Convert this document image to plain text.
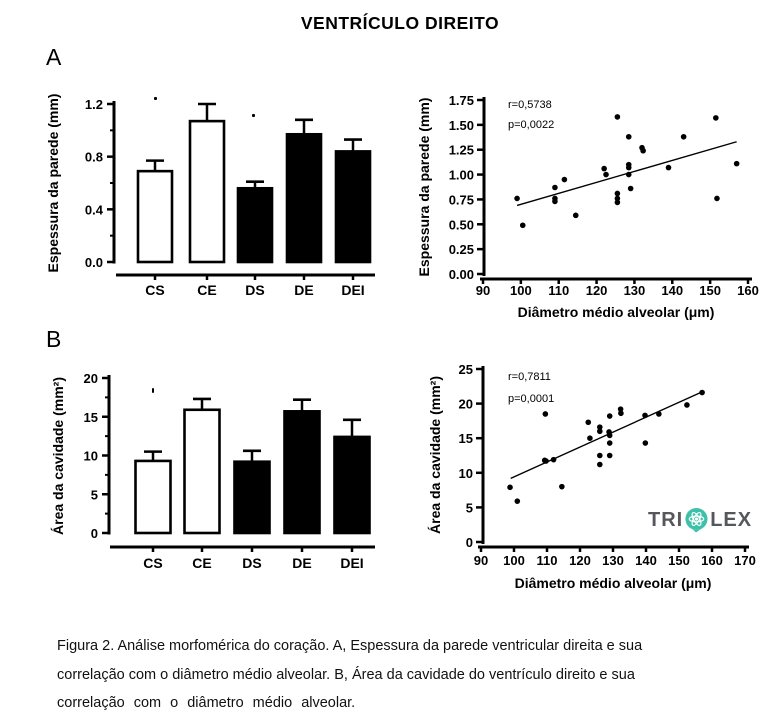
VENTRÍCULO DIREITO
A
B
0.0
0.4
0.8
1.2
CS CE DS DE DEI
Espessura da parede (mm)
0.00
0.25
0.50
0.75
1.00
1.25
1.50
1.75
90 100 110 120 130 140 150 160
r=0,5738
p=0,0022
Diâmetro médio alveolar (μm)
Espessura da parede (mm)
0
5
10
15
20
CS CE DS DE DEI
Área da cavidade (mm²)
0
5
10
15
20
25
90 100 110 120 130 140 150 160 170
r=0,7811
p=0,0001
Diâmetro médio alveolar (μm)
Área da cavidade (mm²)	TRI LEX
Figura 2. Análise morfomérica do coração. A, Espessura da parede ventricular direita e sua
correlação com o diâmetro médio alveolar. B, Área da cavidade do ventrículo direito e sua
correlação com o diâmetro médio alveolar.
